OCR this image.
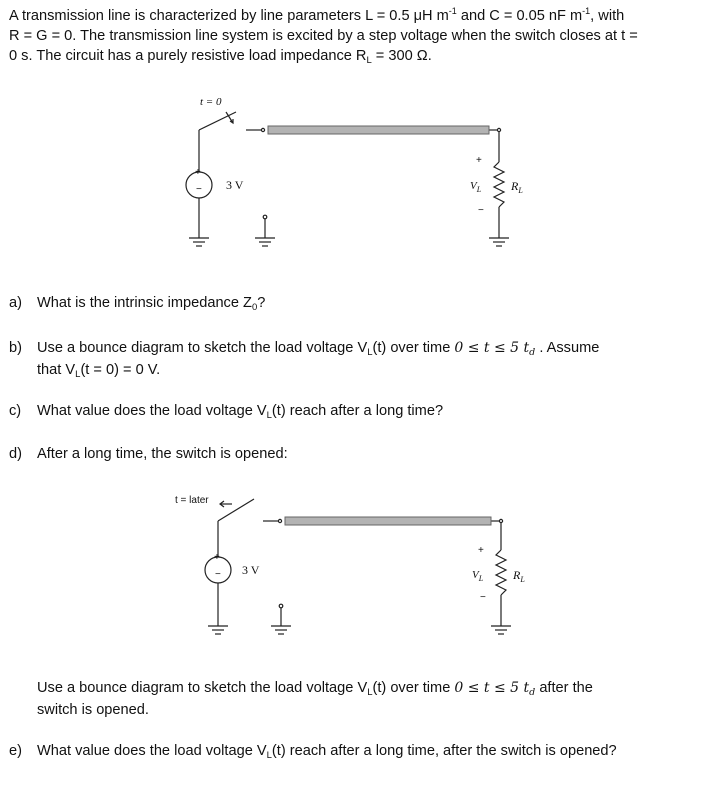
A transmission line is characterized by line parameters L = 0.5 μH $m^{-1}$ and C = 0.05 nF $m^{-1}$, with
R = G = 0. The transmission line system is excited by a step voltage when the switch closes at t =
0 s. The circuit has a purely resistive load impedance $R_L = 300$ Ω.
t = 0
+
− 3 V
+
−
$V_L$ $R_L$
a) What is the intrinsic impedance $Z_0$?
b) Use a bounce diagram to sketch the load voltage $V_L(t)$ over time 0 ≤ t ≤ 5 $t_d$ . Assume
that $V_L(t = 0) = 0$ V.
c) What value does the load voltage $V_L(t)$ reach after a long time?
d) After a long time, the switch is opened:
t = later
+
− 3 V
+
−
$V_L$ $R_L$
Use a bounce diagram to sketch the load voltage $V_L(t)$ over time 0 ≤ t ≤ 5 $t_d$ after the
switch is opened.
e) What value does the load voltage $V_L(t)$ reach after a long time, after the switch is opened?
